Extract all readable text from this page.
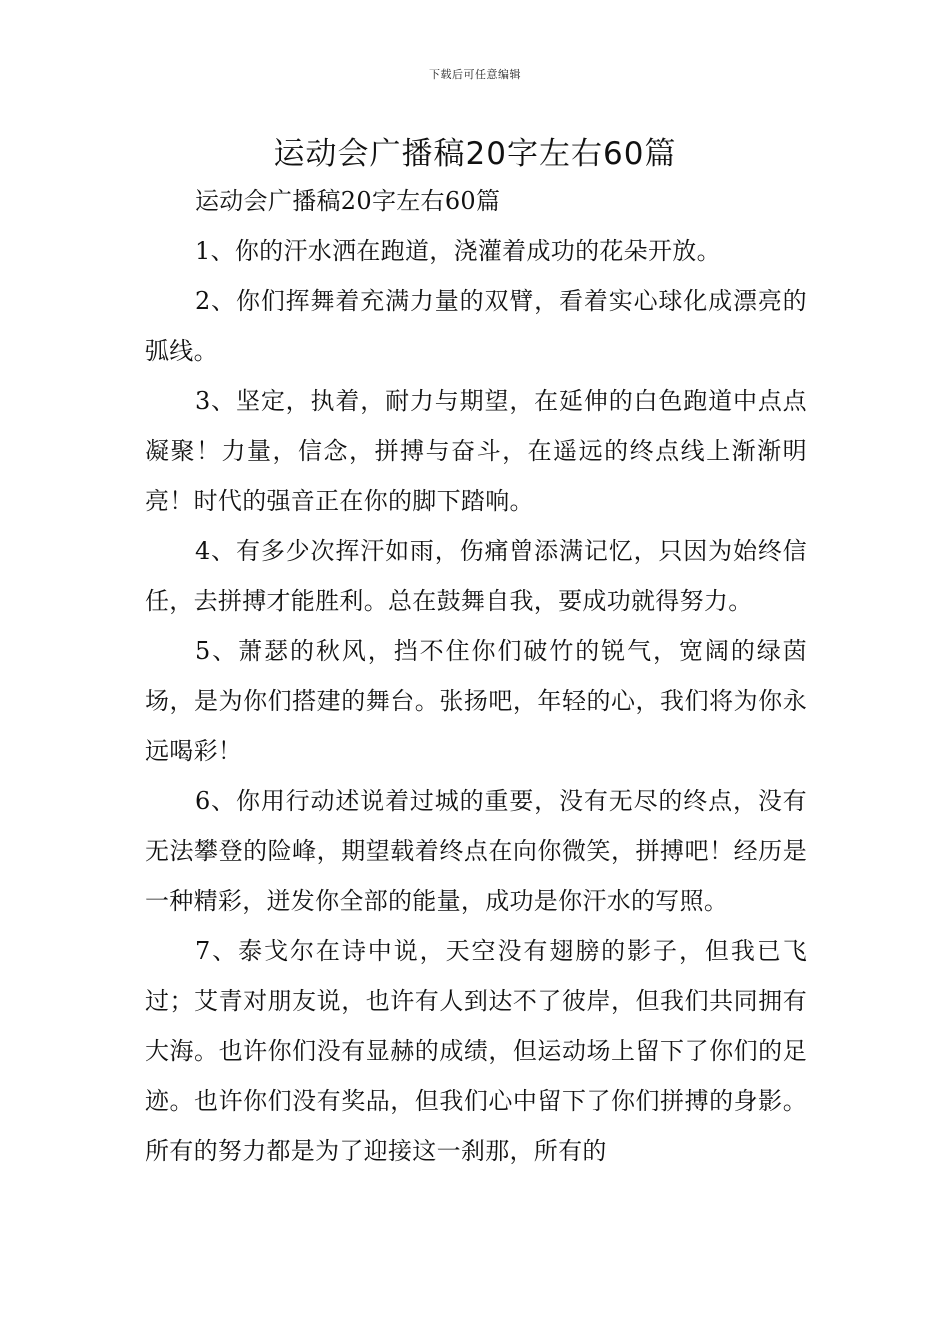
下载后可任意编辑
运动会广播稿20字左右60篇

运动会广播稿20字左右60篇

1、你的汗水洒在跑道，浇灌着成功的花朵开放。

2、你们挥舞着充满力量的双臂，看着实心球化成漂亮的弧线。

3、坚定，执着，耐力与期望，在延伸的白色跑道中点点凝聚！力量，信念，拼搏与奋斗，在遥远的终点线上渐渐明亮！时代的强音正在你的脚下踏响。

4、有多少次挥汗如雨，伤痛曾添满记忆，只因为始终信任，去拼搏才能胜利。总在鼓舞自我，要成功就得努力。

5、萧瑟的秋风，挡不住你们破竹的锐气，宽阔的绿茵场，是为你们搭建的舞台。张扬吧，年轻的心，我们将为你永远喝彩！

6、你用行动述说着过城的重要，没有无尽的终点，没有无法攀登的险峰，期望载着终点在向你微笑，拼搏吧！经历是一种精彩，迸发你全部的能量，成功是你汗水的写照。

7、泰戈尔在诗中说，天空没有翅膀的影子，但我已飞过；艾青对朋友说，也许有人到达不了彼岸，但我们共同拥有大海。也许你们没有显赫的成绩，但运动场上留下了你们的足迹。也许你们没有奖品，但我们心中留下了你们拼搏的身影。所有的努力都是为了迎接这一刹那，所有的
